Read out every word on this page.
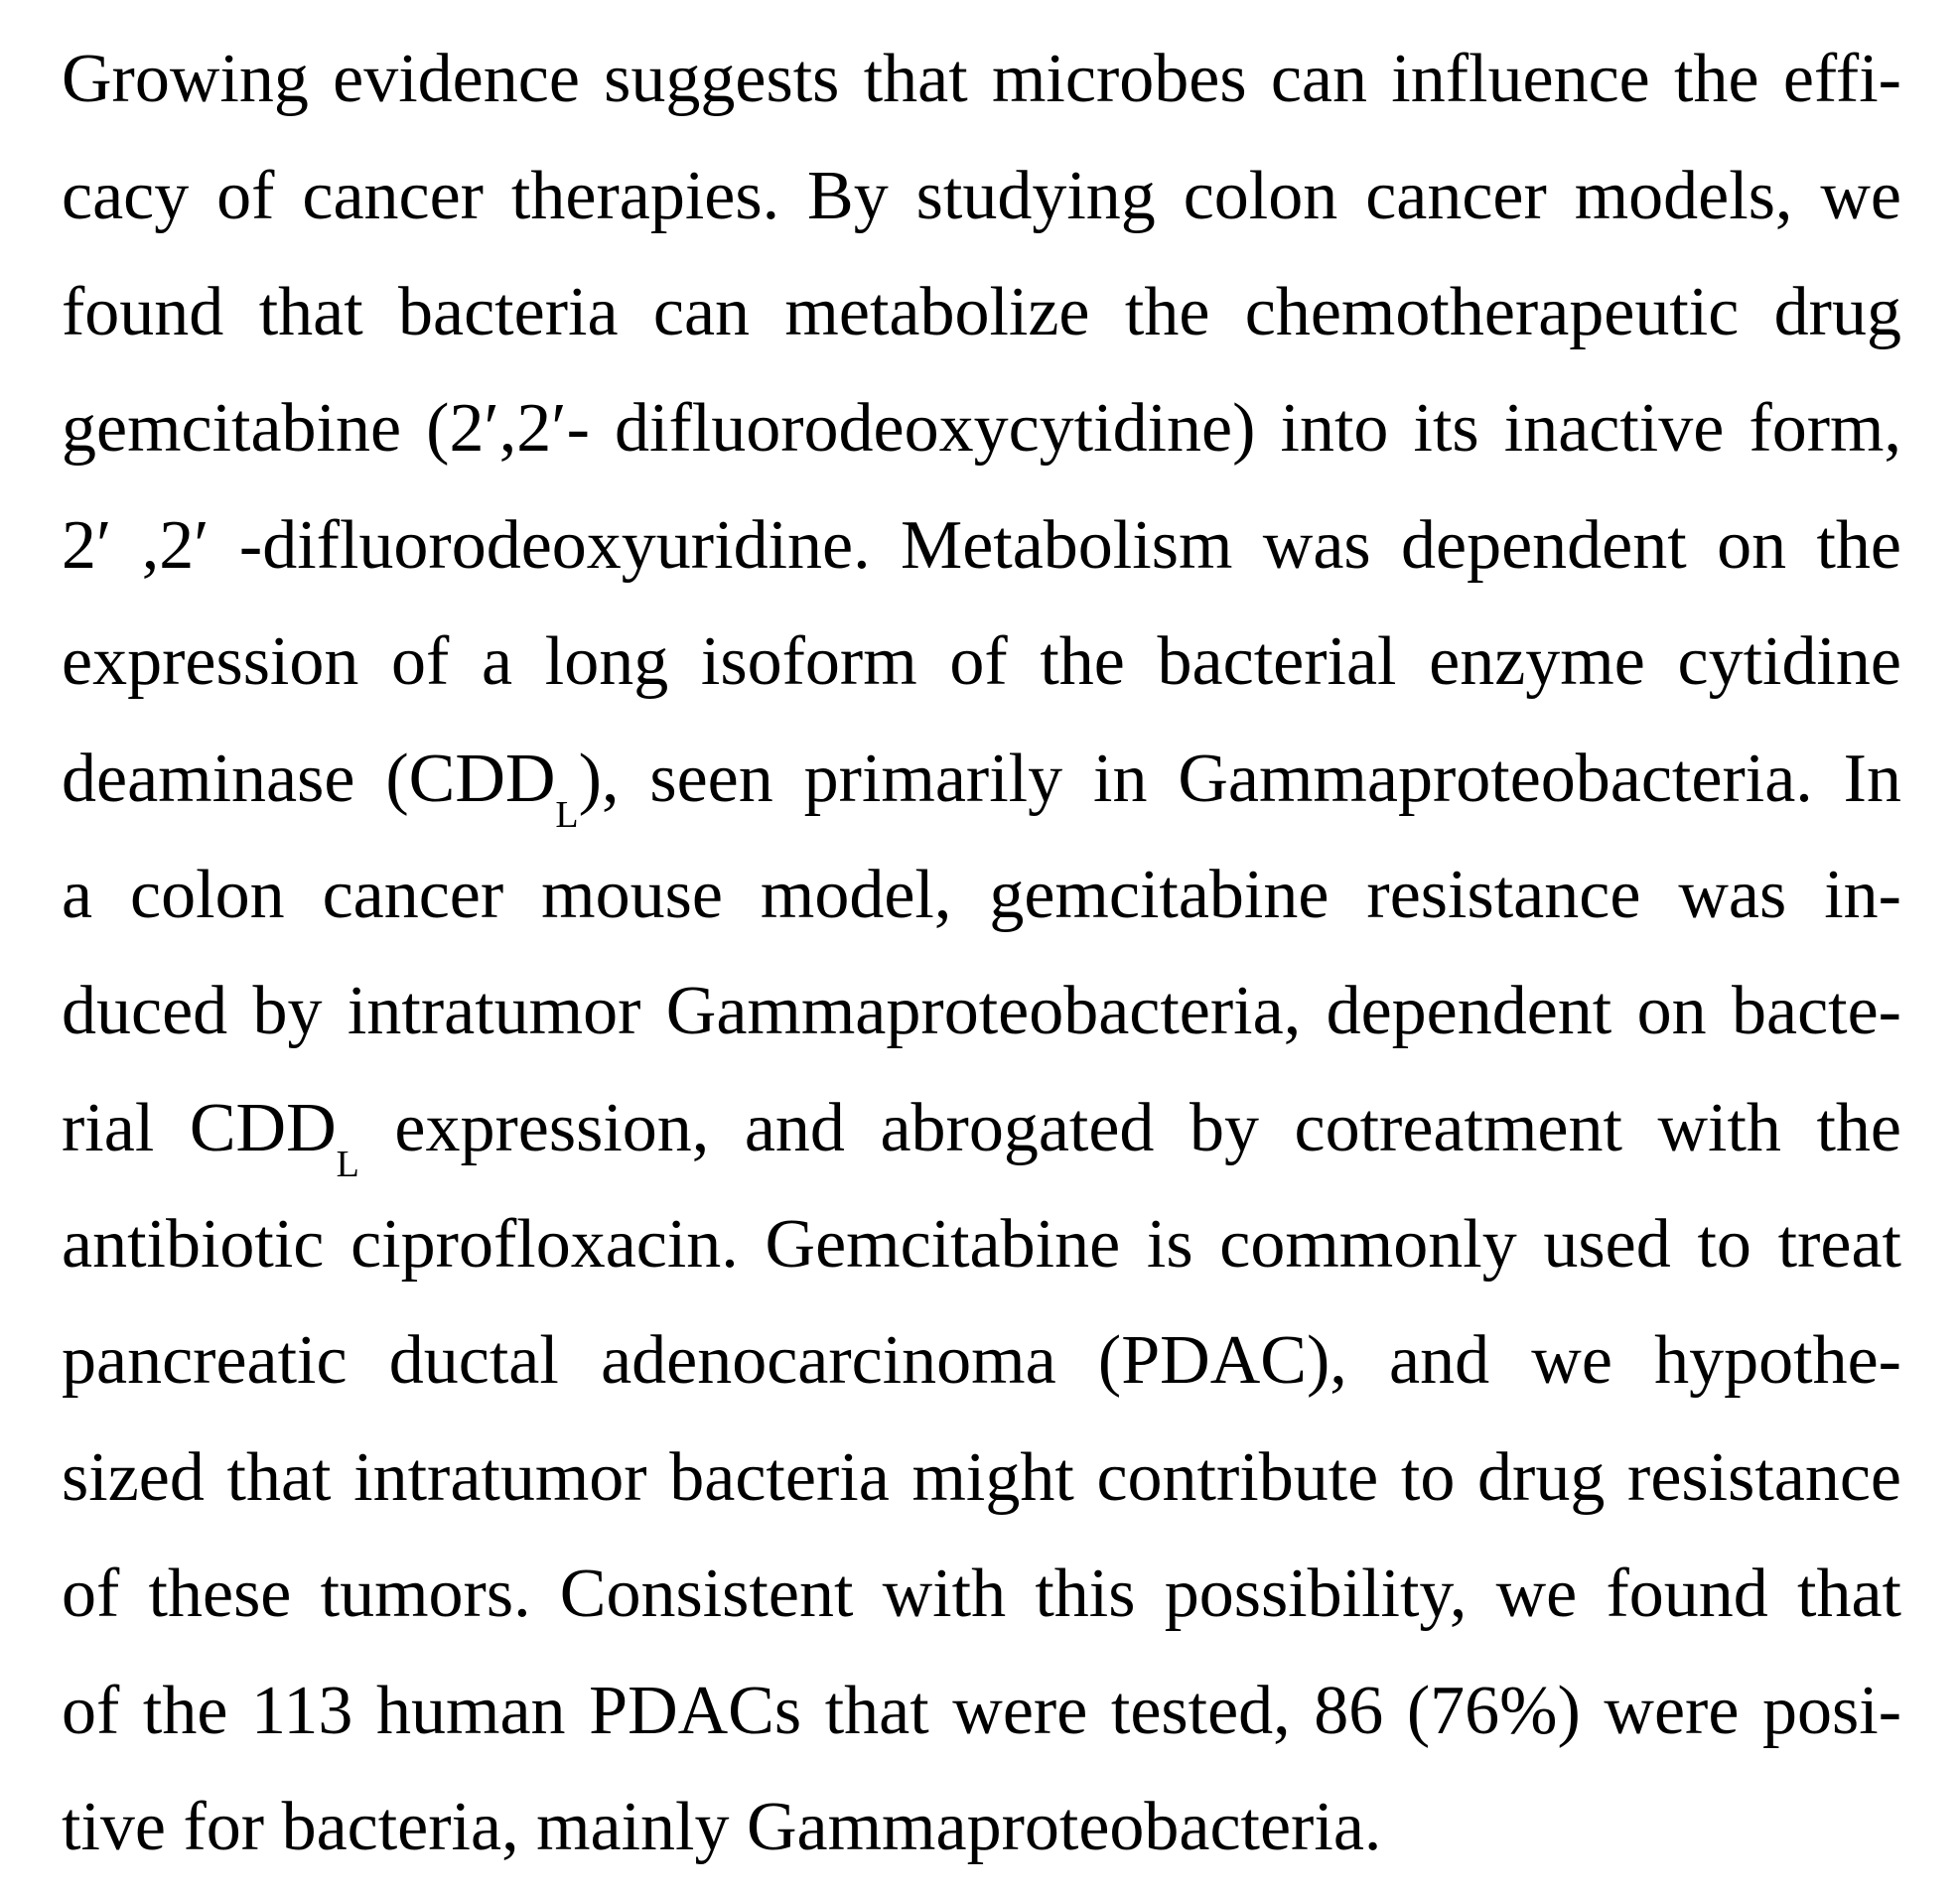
Growing evidence suggests that microbes can influence the effi-
cacy of cancer therapies. By studying colon cancer models, we
found that bacteria can metabolize the chemotherapeutic drug
gemcitabine (2′,2′- difluorodeoxycytidine) into its inactive form,
2′ ,2′ -difluorodeoxyuridine. Metabolism was dependent on the
expression of a long isoform of the bacterial enzyme cytidine
deaminase $(CDD_L)$, seen primarily in Gammaproteobacteria. In
a colon cancer mouse model, gemcitabine resistance was in-
duced by intratumor Gammaproteobacteria, dependent on bacte-
rial $CDD_L$ expression, and abrogated by cotreatment with the
antibiotic ciprofloxacin. Gemcitabine is commonly used to treat
pancreatic ductal adenocarcinoma (PDAC), and we hypothe-
sized that intratumor bacteria might contribute to drug resistance
of these tumors. Consistent with this possibility, we found that
of the 113 human PDACs that were tested, 86 (76%) were posi-
tive for bacteria, mainly Gammaproteobacteria.
